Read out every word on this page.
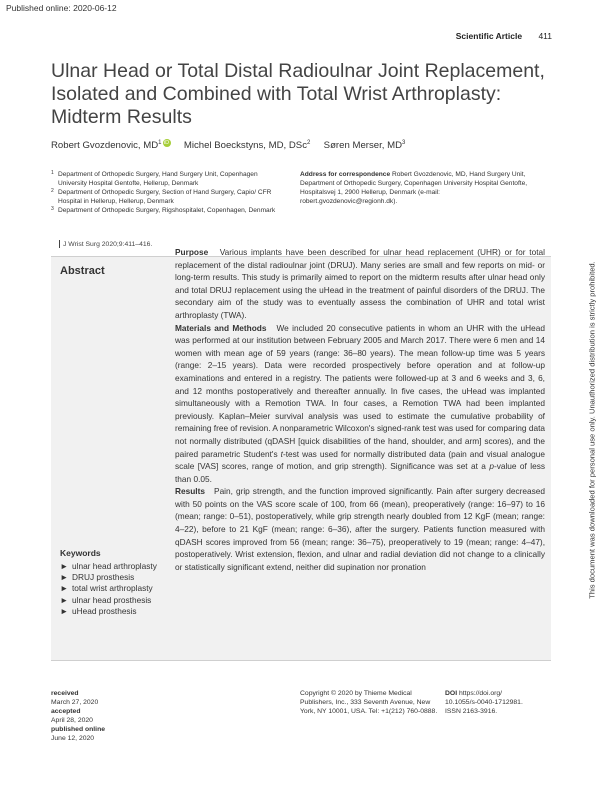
Published online: 2020-06-12
Scientific Article 411
Ulnar Head or Total Distal Radioulnar Joint Replacement, Isolated and Combined with Total Wrist Arthroplasty: Midterm Results
Robert Gvozdenovic, $MD^1$ iD Michel Boeckstyns, MD, DSc$^2$ Søren Merser, $MD^3$
1 Department of Orthopedic Surgery, Hand Surgery Unit, Copenhagen University Hospital Gentofte, Hellerup, Denmark
2 Department of Orthopedic Surgery, Section of Hand Surgery, Capio/ CFR Hospital in Hellerup, Hellerup, Denmark
3 Department of Orthopedic Surgery, Rigshospitalet, Copenhagen, Denmark
Address for correspondence Robert Gvozdenovic, MD, Hand Surgery Unit, Department of Orthopedic Surgery, Copenhagen University Hospital Gentofte, Hospitalsvej 1, 2900 Hellerup, Denmark (e-mail: robert.gvozdenovic@regionh.dk).
J Wrist Surg 2020;9:411–416.
Abstract

Purpose Various implants have been described for ulnar head replacement (UHR) or for total replacement of the distal radioulnar joint (DRUJ). Many series are small and few reports on mid- or long-term results. This study is primarily aimed to report on the midterm results after ulnar head only and total DRUJ replacement using the uHead in the treatment of painful disorders of the DRUJ. The secondary aim of the study was to eventually assess the combination of UHR and total wrist arthroplasty (TWA).

Materials and Methods We included 20 consecutive patients in whom an UHR with the uHead was performed at our institution between February 2005 and March 2017. There were 6 men and 14 women with mean age of 59 years (range: 36–80 years). The mean follow-up time was 5 years (range: 2–15 years). Data were recorded prospectively before operation and at follow-up examinations and entered in a registry. The patients were followed-up at 3 and 6 weeks and 3, 6, and 12 months postoperatively and thereafter annually. In five cases, the uHead was implanted simultaneously with a Remotion TWA. In four cases, a Remotion TWA had been implanted previously. Kaplan–Meier survival analysis was used to estimate the cumulative probability of remaining free of revision. A nonparametric Wilcoxon's signed-rank test was used for comparing data not normally distributed (qDASH [quick disabilities of the hand, shoulder, and arm] scores), and the paired parametric Student's t-test was used for normally distributed data (pain and visual analogue scale [VAS] scores, range of motion, and grip strength). Significance was set at a p-value of less than 0.05.

Results Pain, grip strength, and the function improved significantly. Pain after surgery decreased with 50 points on the VAS score scale of 100, from 66 (mean), preoperatively (range: 16–97) to 16 (mean; range: 0–51), postoperatively, while grip strength nearly doubled from 12 KgF (mean; range: 4–22), before to 21 KgF (mean; range: 6–36), after the surgery. Patients function measured with qDASH scores improved from 56 (mean; range: 36–75), preoperatively to 19 (mean; range: 4–47), postoperatively. Wrist extension, flexion, and ulnar and radial deviation did not change to a clinically or statistically significant extend, neither did supination nor pronation

Keywords
► ulnar head arthroplasty
► DRUJ prosthesis
► total wrist arthroplasty
► ulnar head prosthesis
► uHead prosthesis
received
March 27, 2020
accepted
April 28, 2020
published online
June 12, 2020
Copyright © 2020 by Thieme Medical Publishers, Inc., 333 Seventh Avenue, New York, NY 10001, USA. Tel: +1(212) 760-0888.
DOI https://doi.org/
10.1055/s-0040-1712981.
ISSN 2163-3916.
This document was downloaded for personal use only. Unauthorized distribution is strictly prohibited.
